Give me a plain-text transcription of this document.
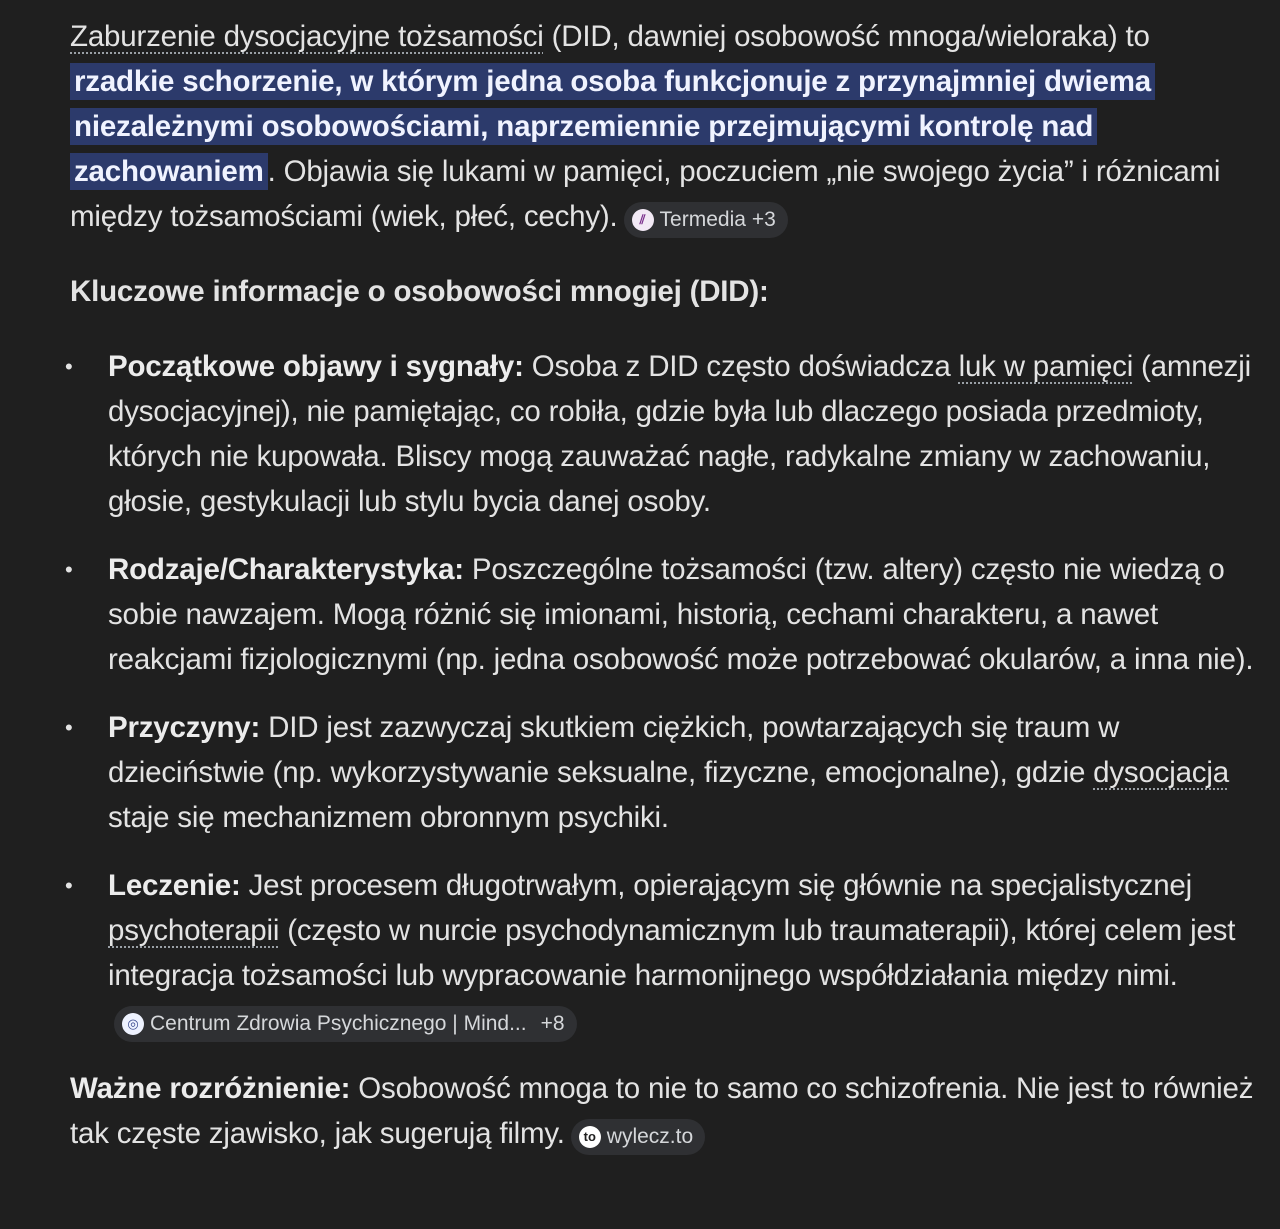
Zaburzenie dysocjacyjne tożsamości (DID, dawniej osobowość mnoga/wieloraka) to rzadkie schorzenie, w którym jedna osoba funkcjonuje z przynajmniej dwiema niezależnymi osobowościami, naprzemiennie przejmującymi kontrolę nad zachowaniem . Objawia się lukami w pamięci, poczuciem „nie swojego życia” i różnicami między tożsamościami (wiek, płeć, cechy).	⫽ Termedia +3

Kluczowe informacje o osobowości mnogiej (DID):

• Początkowe objawy i sygnały: Osoba z DID często doświadcza luk w pamięci (amnezji dysocjacyjnej), nie pamiętając, co robiła, gdzie była lub dlaczego posiada przedmioty, których nie kupowała. Bliscy mogą zauważać nagłe, radykalne zmiany w zachowaniu, głosie, gestykulacji lub stylu bycia danej osoby.
• Rodzaje/Charakterystyka: Poszczególne tożsamości (tzw. altery) często nie wiedzą o sobie nawzajem. Mogą różnić się imionami, historią, cechami charakteru, a nawet reakcjami fizjologicznymi (np. jedna osobowość może potrzebować okularów, a inna nie).
• Przyczyny: DID jest zazwyczaj skutkiem ciężkich, powtarzających się traum w dzieciństwie (np. wykorzystywanie seksualne, fizyczne, emocjonalne), gdzie dysocjacja staje się mechanizmem obronnym psychiki.
• Leczenie: Jest procesem długotrwałym, opierającym się głównie na specjalistycznej psychoterapii (często w nurcie psychodynamicznym lub traumaterapii), której celem jest integracja tożsamości lub wypracowanie harmonijnego współdziałania między nimi.
◎ Centrum Zdrowia Psychicznego | Mind... +8

Ważne rozróżnienie: Osobowość mnoga to nie to samo co schizofrenia. Nie jest to również tak częste zjawisko, jak sugerują filmy.	to wylecz.to
